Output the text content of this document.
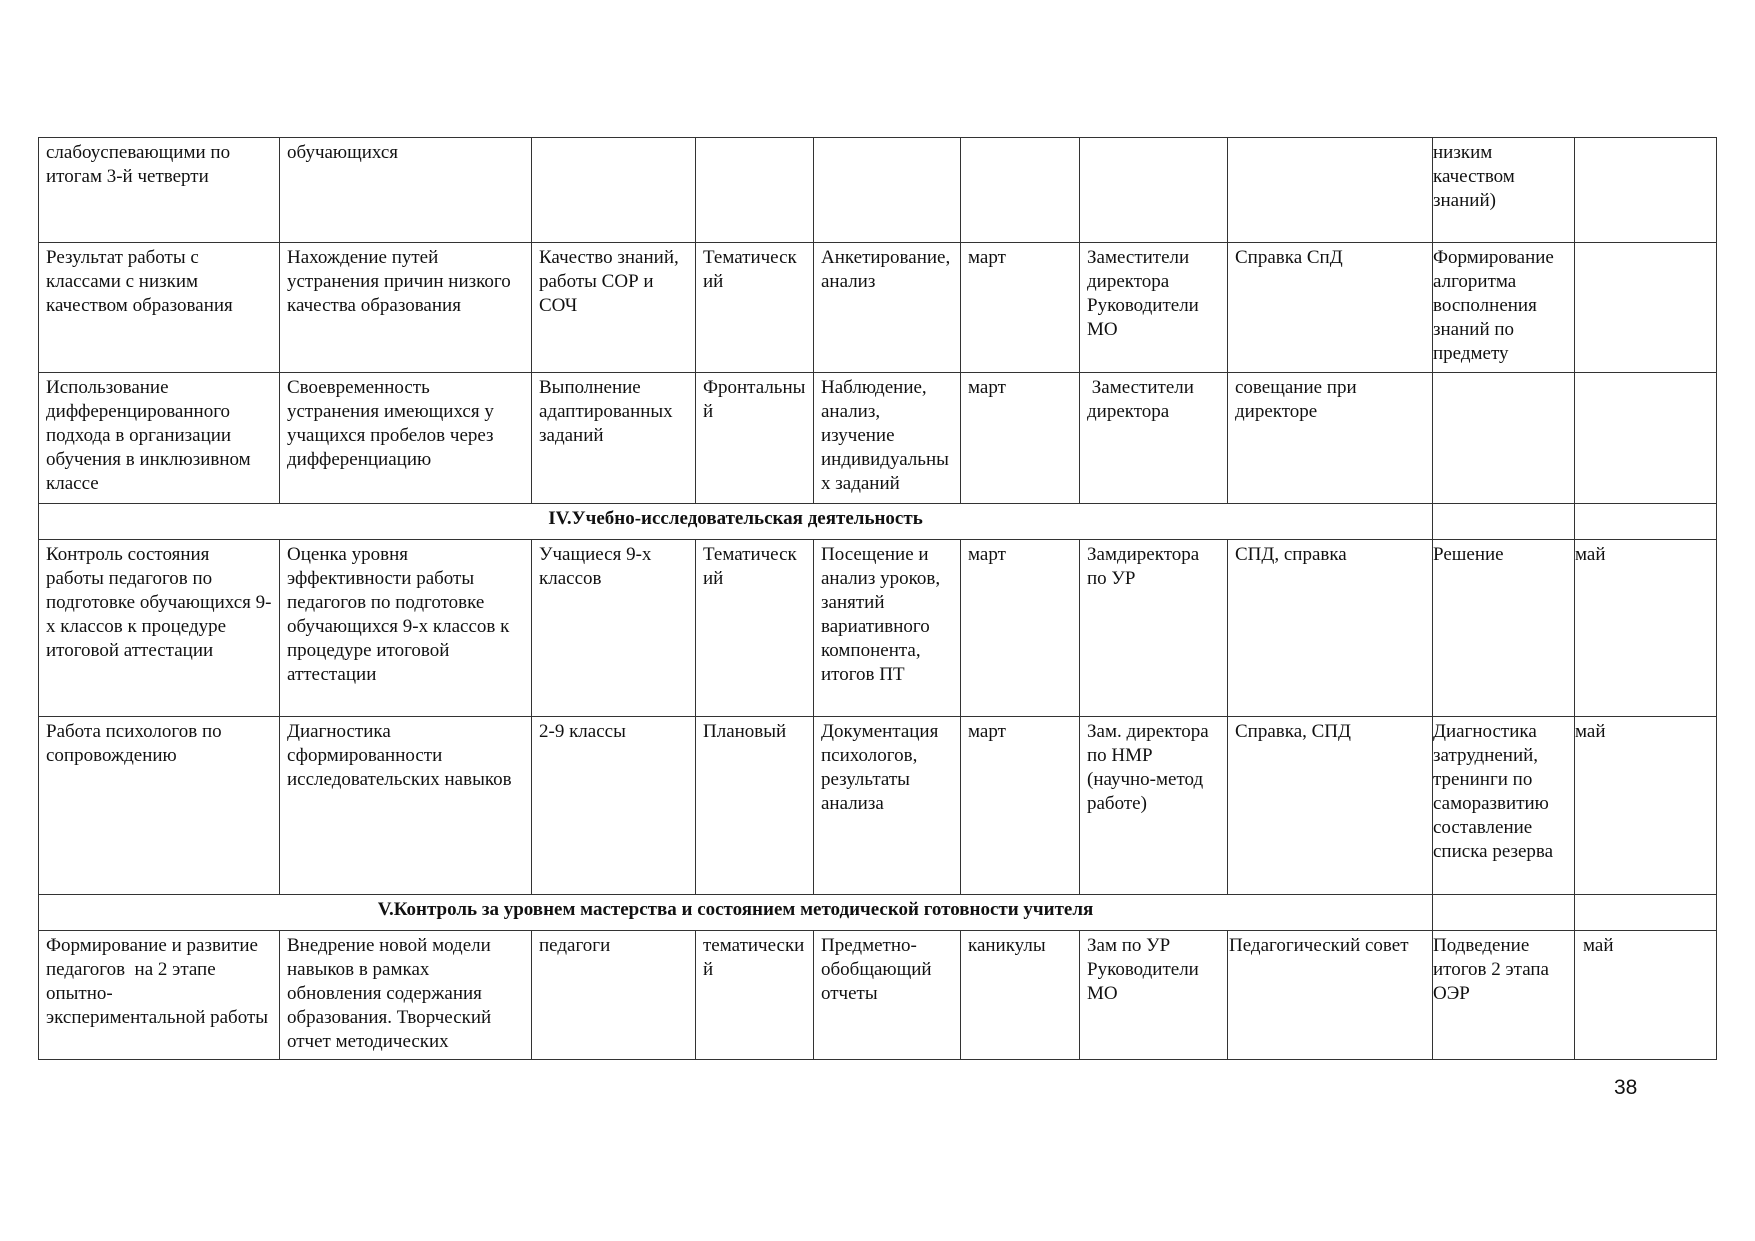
слабоуспевающими по итогам 3-й четверти	обучающихся							низким качеством знаний)	
Результат работы с классами с низким качеством образования	Нахождение путей устранения причин низкого качества образования	Качество знаний, работы СОР и СОЧ	Тематический	Анкетирование, анализ	март	Заместители директора Руководители МО	Справка СпД	Формирование алгоритма восполнения знаний по предмету	
Использование дифференцированного подхода в организации обучения в инклюзивном классе	Своевременность устранения имеющихся у учащихся пробелов через дифференциацию	Выполнение адаптированных заданий	Фронтальный	Наблюдение, анализ, изучение индивидуальных заданий	март	Заместители директора	совещание при директоре		
IV.Учебно-исследовательская деятельность									
Контроль состояния работы педагогов по подготовке обучающихся 9-х классов к процедуре итоговой аттестации	Оценка уровня эффективности работы педагогов по подготовке обучающихся 9-х классов к процедуре итоговой аттестации	Учащиеся 9-х классов	Тематический	Посещение и анализ уроков, занятий вариативного компонента, итогов ПТ	март	Замдиректора по УР	СПД, справка	Решение	май
Работа психологов по сопровождению	Диагностика сформированности исследовательских навыков	2-9 классы	Плановый	Документация психологов, результаты анализа	март	Зам. директора по НМР (научно-метод работе)	Справка, СПД	Диагностика затруднений, тренинги по саморазвитию составление списка резерва	май
V.Контроль за уровнем мастерства и состоянием методической готовности учителя									
Формирование и развитие  педагогов  на 2 этапе опытно-экспериментальной работы	Внедрение новой модели навыков в рамках обновления содержания образования. Творческий отчет методических	педагоги	тематический	Предметно-обобщающий отчеты	каникулы	Зам по УР Руководители МО	Педагогический совет	Подведение итогов 2 этапа ОЭР	май
38
